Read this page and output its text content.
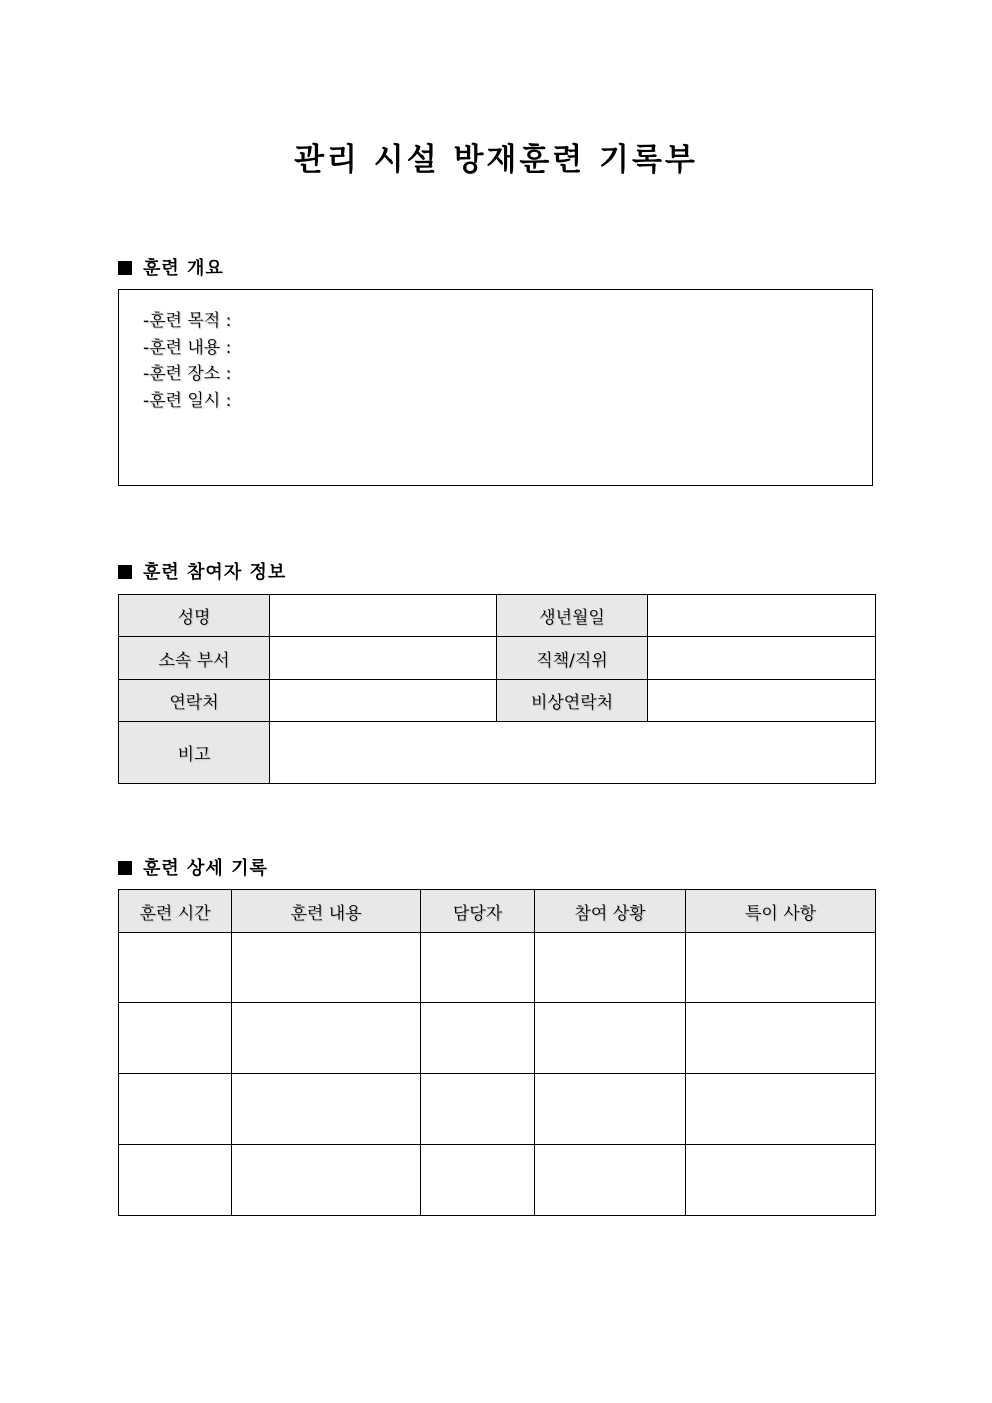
관리 시설 방재훈련 기록부
훈련 개요
-훈련 목적 :
-훈련 내용 :
-훈련 장소 :
-훈련 일시 :
훈련 참여자 정보
성명		생년월일	
소속 부서		직책/직위	
연락처		비상연락처	
비고			
훈련 상세 기록
훈련 시간	훈련 내용	담당자	참여 상황	특이 사항
